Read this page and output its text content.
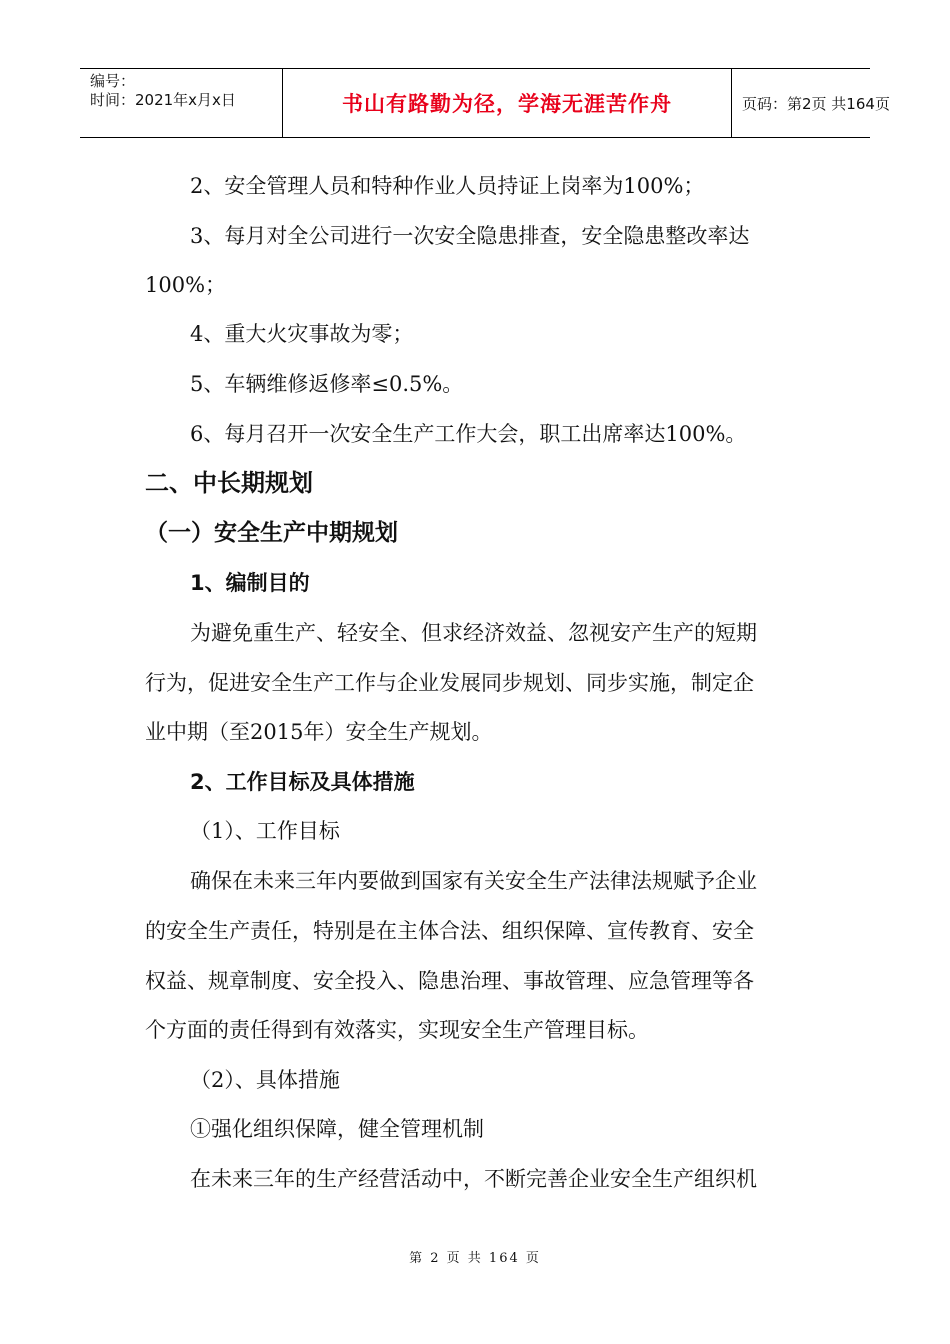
编号：
时间：2021年x月x日	书山有路勤为径，学海无涯苦作舟	页码：第2页 共164页
2、安全管理人员和特种作业人员持证上岗率为100%；
3、每月对全公司进行一次安全隐患排查，安全隐患整改率达
100%；
4、重大火灾事故为零；
5、车辆维修返修率≤0.5%。
6、每月召开一次安全生产工作大会，职工出席率达100%。
二、中长期规划
（一）安全生产中期规划
1、编制目的
为避免重生产、轻安全、但求经济效益、忽视安产生产的短期
行为，促进安全生产工作与企业发展同步规划、同步实施，制定企
业中期（至2015年）安全生产规划。
2、工作目标及具体措施
（1）、工作目标
确保在未来三年内要做到国家有关安全生产法律法规赋予企业
的安全生产责任，特别是在主体合法、组织保障、宣传教育、安全
权益、规章制度、安全投入、隐患治理、事故管理、应急管理等各
个方面的责任得到有效落实，实现安全生产管理目标。
（2）、具体措施
①强化组织保障，健全管理机制
在未来三年的生产经营活动中，不断完善企业安全生产组织机
第 2 页 共 164 页
